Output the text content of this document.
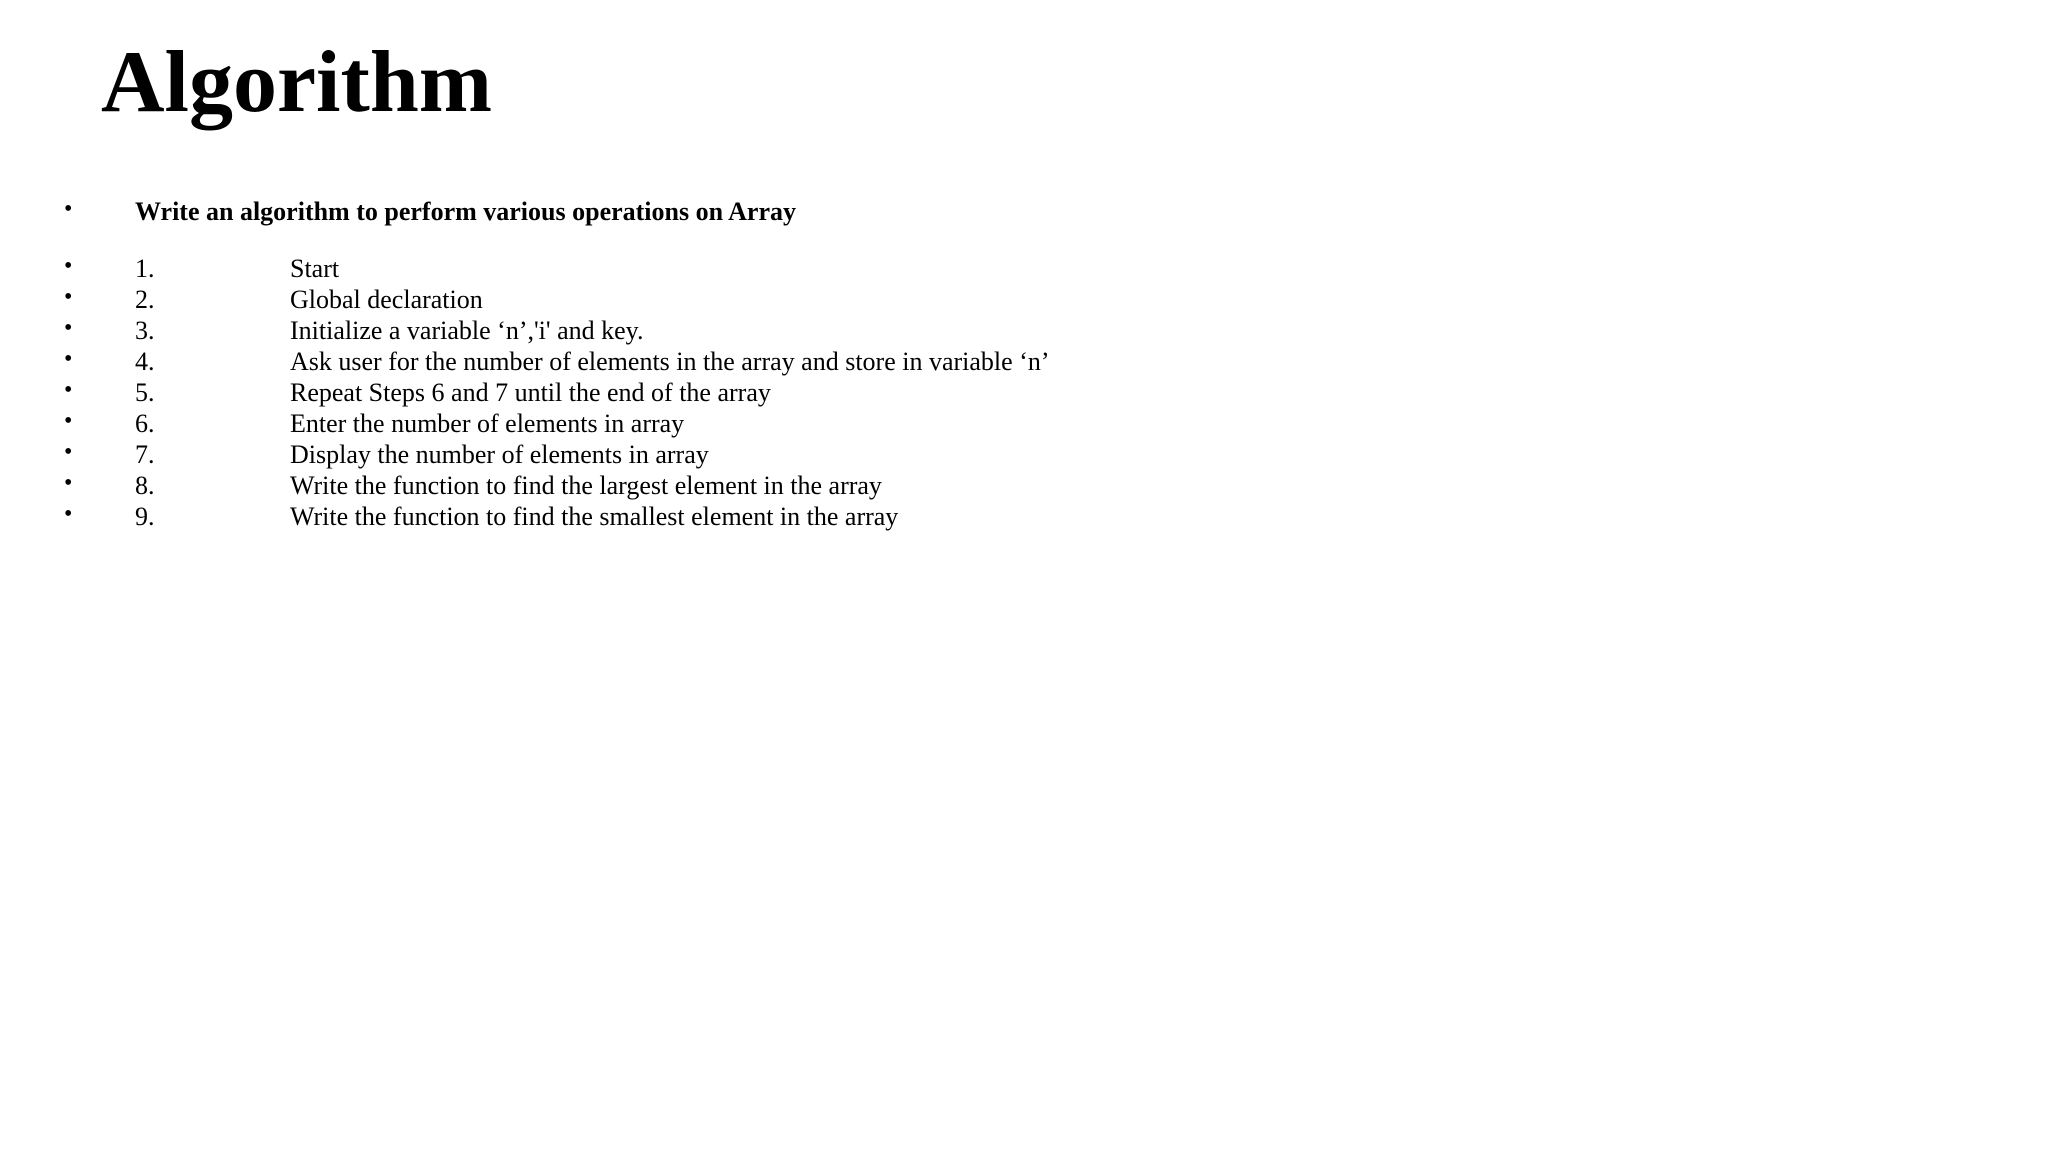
Algorithm
• Write an algorithm to perform various operations on Array
• 1.	Start
• 2.	Global declaration
• 3.	Initialize a variable ‘n’,'i' and key.
• 4.	Ask user for the number of elements in the array and store in variable ‘n’
• 5.	Repeat Steps 6 and 7 until the end of the array
• 6.	Enter the number of elements in array
• 7.	Display the number of elements in array
• 8.	Write the function to find the largest element in the array
• 9.	Write the function to find the smallest element in the array
